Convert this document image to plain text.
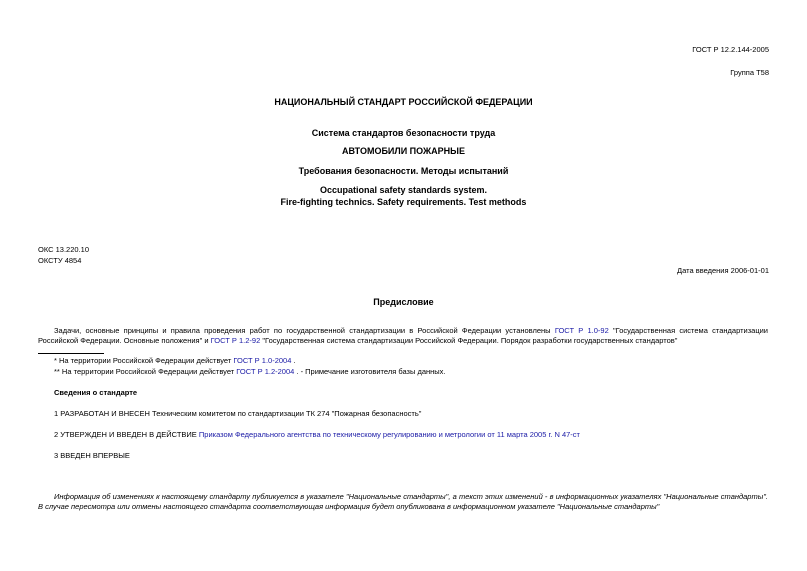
ГОСТ Р 12.2.144-2005
Группа Т58
НАЦИОНАЛЬНЫЙ СТАНДАРТ РОССИЙСКОЙ ФЕДЕРАЦИИ
Система стандартов безопасности труда
АВТОМОБИЛИ ПОЖАРНЫЕ
Требования безопасности. Методы испытаний
Occupational safety standards system.
Fire-fighting technics. Safety requirements. Test methods
ОКС 13.220.10
ОКСТУ 4854
Дата введения 2006-01-01
Предисловие
Задачи, основные принципы и правила проведения работ по государственной стандартизации в Российской Федерации установлены ГОСТ Р 1.0-92 "Государственная система стандартизации Российской Федерации. Основные положения" и ГОСТ Р 1.2-92 "Государственная система стандартизации Российской Федерации. Порядок разработки государственных стандартов"
* На территории Российской Федерации действует ГОСТ Р 1.0-2004 .
** На территории Российской Федерации действует ГОСТ Р 1.2-2004 . - Примечание изготовителя базы данных.
Сведения о стандарте
1 РАЗРАБОТАН И ВНЕСЕН Техническим комитетом по стандартизации ТК 274 "Пожарная безопасность"
2 УТВЕРЖДЕН И ВВЕДЕН В ДЕЙСТВИЕ Приказом Федерального агентства по техническому регулированию и метрологии от 11 марта 2005 г. N 47-ст
3 ВВЕДЕН ВПЕРВЫЕ
Информация об изменениях к настоящему стандарту публикуется в указателе "Национальные стандарты", а текст этих изменений - в информационных указателях "Национальные стандарты". В случае пересмотра или отмены настоящего стандарта соответствующая информация будет опубликована в информационном указателе "Национальные стандарты"
